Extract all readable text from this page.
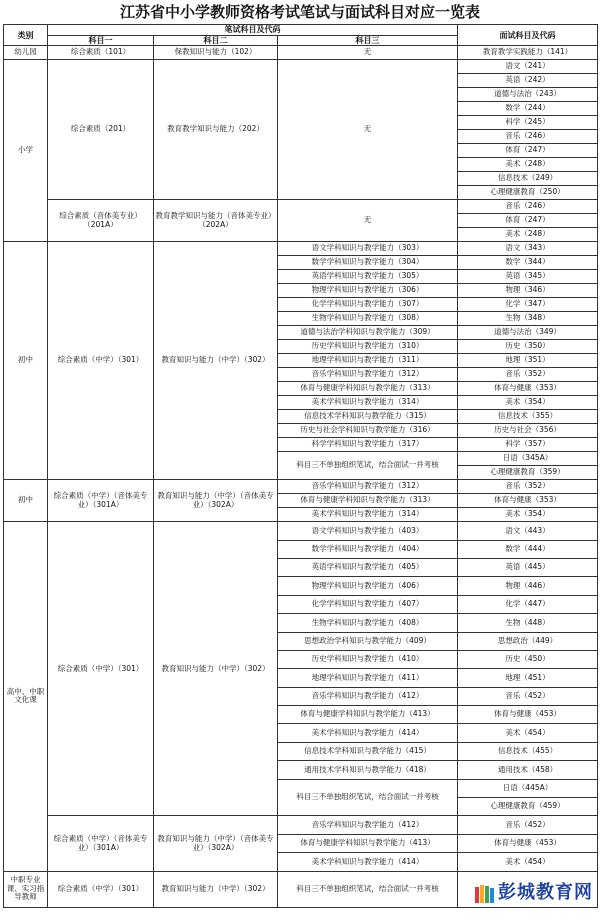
江苏省中小学教师资格考试笔试与面试科目对应一览表
类别	笔试科目及代码			面试科目及代码
	科目一	科目二	科目三	
幼儿园	综合素质（101）	保教知识与能力（102）	无	教育教学实践能力（141）
小学	综合素质（201）	教育教学知识与能力（202）	无	语文（241）
				英语（242）
				道德与法治（243）
				数学（244）
				科学（245）
				音乐（246）
				体育（247）
				美术（248）
				信息技术（249）
				心理健康教育（250）
	综合素质（音体美专业）（201A）	教育教学知识与能力（音体美专业）（202A）	无	音乐（246）
				体育（247）
				美术（248）
初中	综合素质（中学）（301）	教育知识与能力（中学）（302）	语文学科知识与教学能力（303）	语文（343）
			数学学科知识与教学能力（304）	数学（344）
			英语学科知识与教学能力（305）	英语（345）
			物理学科知识与教学能力（306）	物理（346）
			化学学科知识与教学能力（307）	化学（347）
			生物学科知识与教学能力（308）	生物（348）
			道德与法治学科知识与教学能力（309）	道德与法治（349）
			历史学科知识与教学能力（310）	历史（350）
			地理学科知识与教学能力（311）	地理（351）
			音乐学科知识与教学能力（312）	音乐（352）
			体育与健康学科知识与教学能力（313）	体育与健康（353）
			美术学科知识与教学能力（314）	美术（354）
			信息技术学科知识与教学能力（315）	信息技术（355）
			历史与社会学科知识与教学能力（316）	历史与社会（356）
			科学学科知识与教学能力（317）	科学（357）
			科目三不单独组织笔试，结合面试一并考核	日语（345A）
				心理健康教育（359）
初中	综合素质（中学）（音体美专业）（301A）	教育知识与能力（中学）（音体美专业）（302A）	音乐学科知识与教学能力（312）	音乐（352）
			体育与健康学科知识与教学能力（313）	体育与健康（353）
			美术学科知识与教学能力（314）	美术（354）
高中、中职文化课	综合素质（中学）（301）	教育知识与能力（中学）（302）	语文学科知识与教学能力（403）	语文（443）
			数学学科知识与教学能力（404）	数学（444）
			英语学科知识与教学能力（405）	英语（445）
			物理学科知识与教学能力（406）	物理（446）
			化学学科知识与教学能力（407）	化学（447）
			生物学科知识与教学能力（408）	生物（448）
			思想政治学科知识与教学能力（409）	思想政治（449）
			历史学科知识与教学能力（410）	历史（450）
			地理学科知识与教学能力（411）	地理（451）
			音乐学科知识与教学能力（412）	音乐（452）
			体育与健康学科知识与教学能力（413）	体育与健康（453）
			美术学科知识与教学能力（414）	美术（454）
			信息技术学科知识与教学能力（415）	信息技术（455）
			通用技术学科知识与教学能力（418）	通用技术（458）
			科目三不单独组织笔试，结合面试一并考核	日语（445A）
				心理健康教育（459）
	综合素质（中学）（音体美专业）（301A）	教育知识与能力（中学）（音体美专业）（302A）	音乐学科知识与教学能力（412）	音乐（452）
			体育与健康学科知识与教学能力（413）	体育与健康（453）
			美术学科知识与教学能力（414）	美术（454）
中职专业课、实习指导教师	综合素质（中学）（301）	教育知识与能力（中学）（302）	科目三不单独组织笔试，结合面试一并考核	彭城教育网
